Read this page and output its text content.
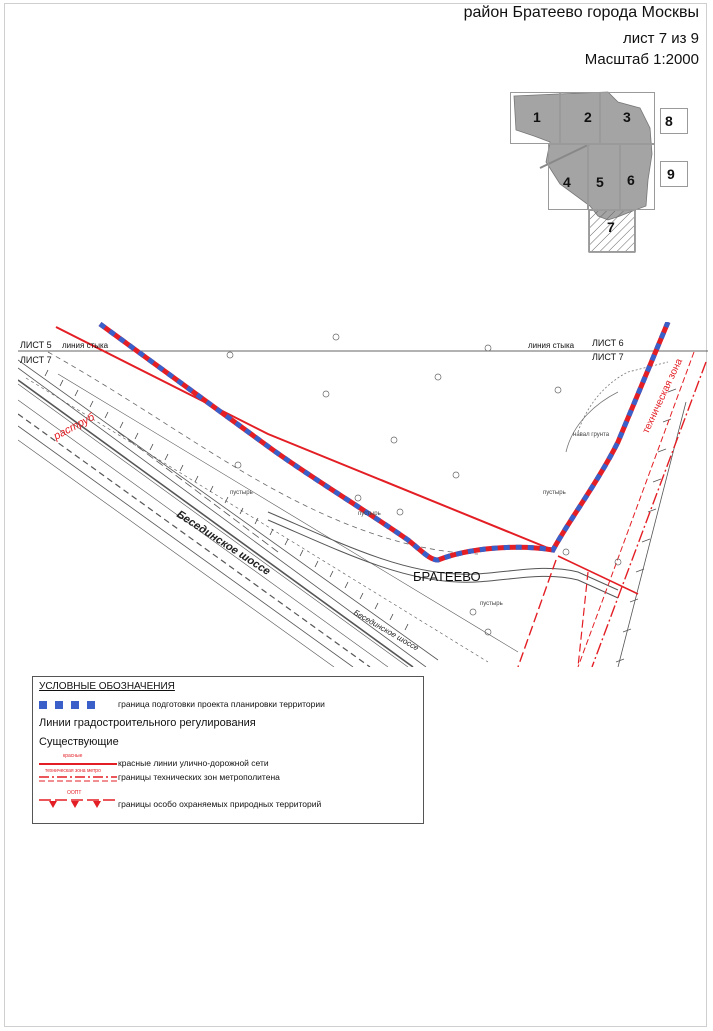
район Братеево города Москвы
лист 7 из 9
Масштаб 1:2000
1	2 3
4 5 6
7
8
9
ЛИСТ 5 линия стыка
ЛИСТ 7
линия стыка ЛИСТ 6
ЛИСТ 7
БРАТЕЕВО
Бесединское шоссе
Бесединское шоссе
раструб	техническая зона
пустырь
пустырь
пустырь
пустырь
навал грунта
УСЛОВНЫЕ ОБОЗНАЧЕНИЯ
граница подготовки проекта планировки территории
Линии градостроительного регулирования
Существующие
красные
красные линии улично-дорожной сети
техническая зона метро
границы технических зон метрополитена
ООПТ
границы особо охраняемых природных территорий
